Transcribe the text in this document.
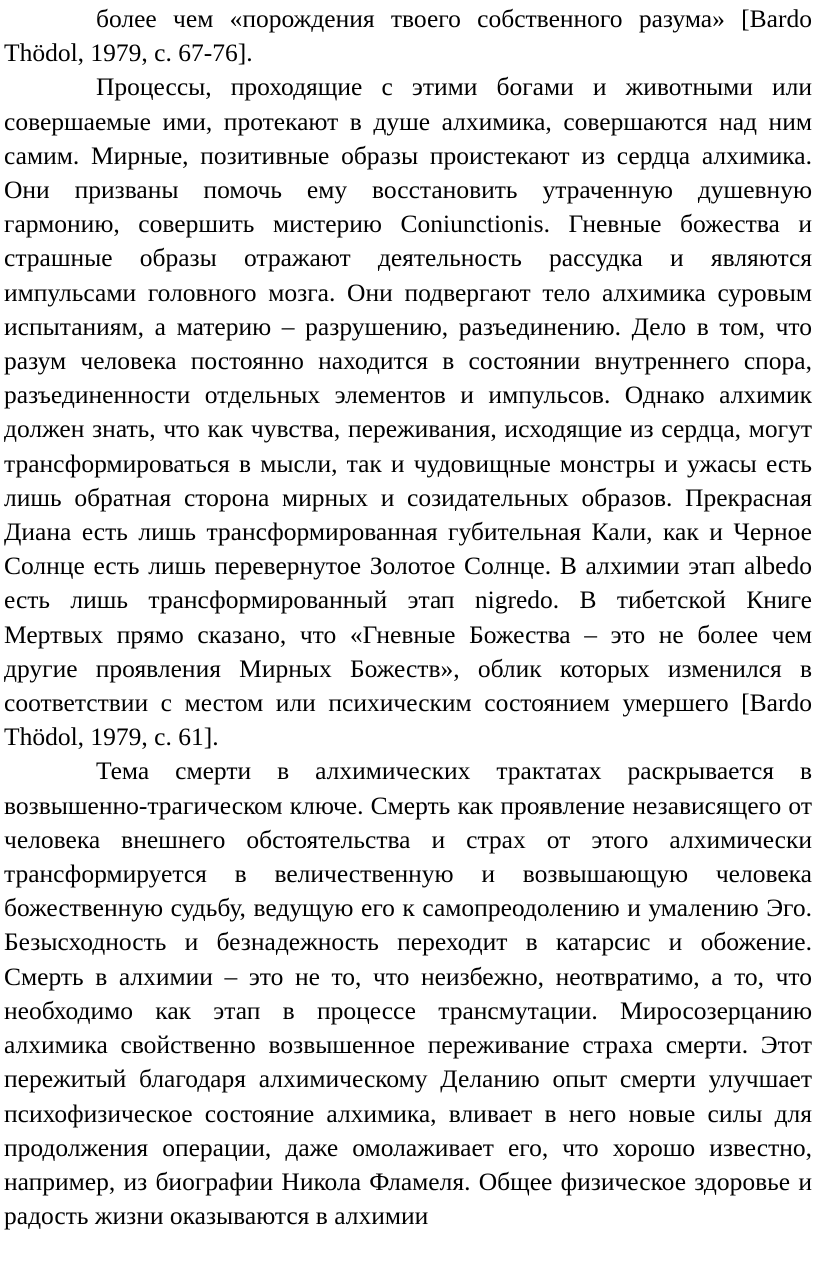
более чем «порождения твоего собственного разума» [Bardo Thödol, 1979, с. 67-76].

Процессы, проходящие с этими богами и животными или совершаемые ими, протекают в душе алхимика, совершаются над ним самим. Мирные, позитивные образы проистекают из сердца алхимика. Они призваны помочь ему восстановить утраченную душевную гармонию, совершить мистерию Coniunctionis. Гневные божества и страшные образы отражают деятельность рассудка и являются импульсами головного мозга. Они подвергают тело алхимика суровым испытаниям, а материю – разрушению, разъединению. Дело в том, что разум человека постоянно находится в состоянии внутреннего спора, разъединенности отдельных элементов и импульсов. Однако алхимик должен знать, что как чувства, переживания, исходящие из сердца, могут трансформироваться в мысли, так и чудовищные монстры и ужасы есть лишь обратная сторона мирных и созидательных образов. Прекрасная Диана есть лишь трансформированная губительная Кали, как и Черное Солнце есть лишь перевернутое Золотое Солнце. В алхимии этап albedo есть лишь трансформированный этап nigredo. В тибетской Книге Мертвых прямо сказано, что «Гневные Божества – это не более чем другие проявления Мирных Божеств», облик которых изменился в соответствии с местом или психическим состоянием умершего [Bardo Thödol, 1979, с. 61].

Тема смерти в алхимических трактатах раскрывается в возвышенно-трагическом ключе. Смерть как проявление независящего от человека внешнего обстоятельства и страх от этого алхимически трансформируется в величественную и возвышающую человека божественную судьбу, ведущую его к самопреодолению и умалению Эго. Безысходность и безнадежность переходит в катарсис и обожение. Смерть в алхимии – это не то, что неизбежно, неотвратимо, а то, что необходимо как этап в процессе трансмутации. Миросозерцанию алхимика свойственно возвышенное переживание страха смерти. Этот пережитый благодаря алхимическому Деланию опыт смерти улучшает психофизическое состояние алхимика, вливает в него новые силы для продолжения операции, даже омолаживает его, что хорошо известно, например, из биографии Никола Фламеля. Общее физическое здоровье и радость жизни оказываются в алхимии
